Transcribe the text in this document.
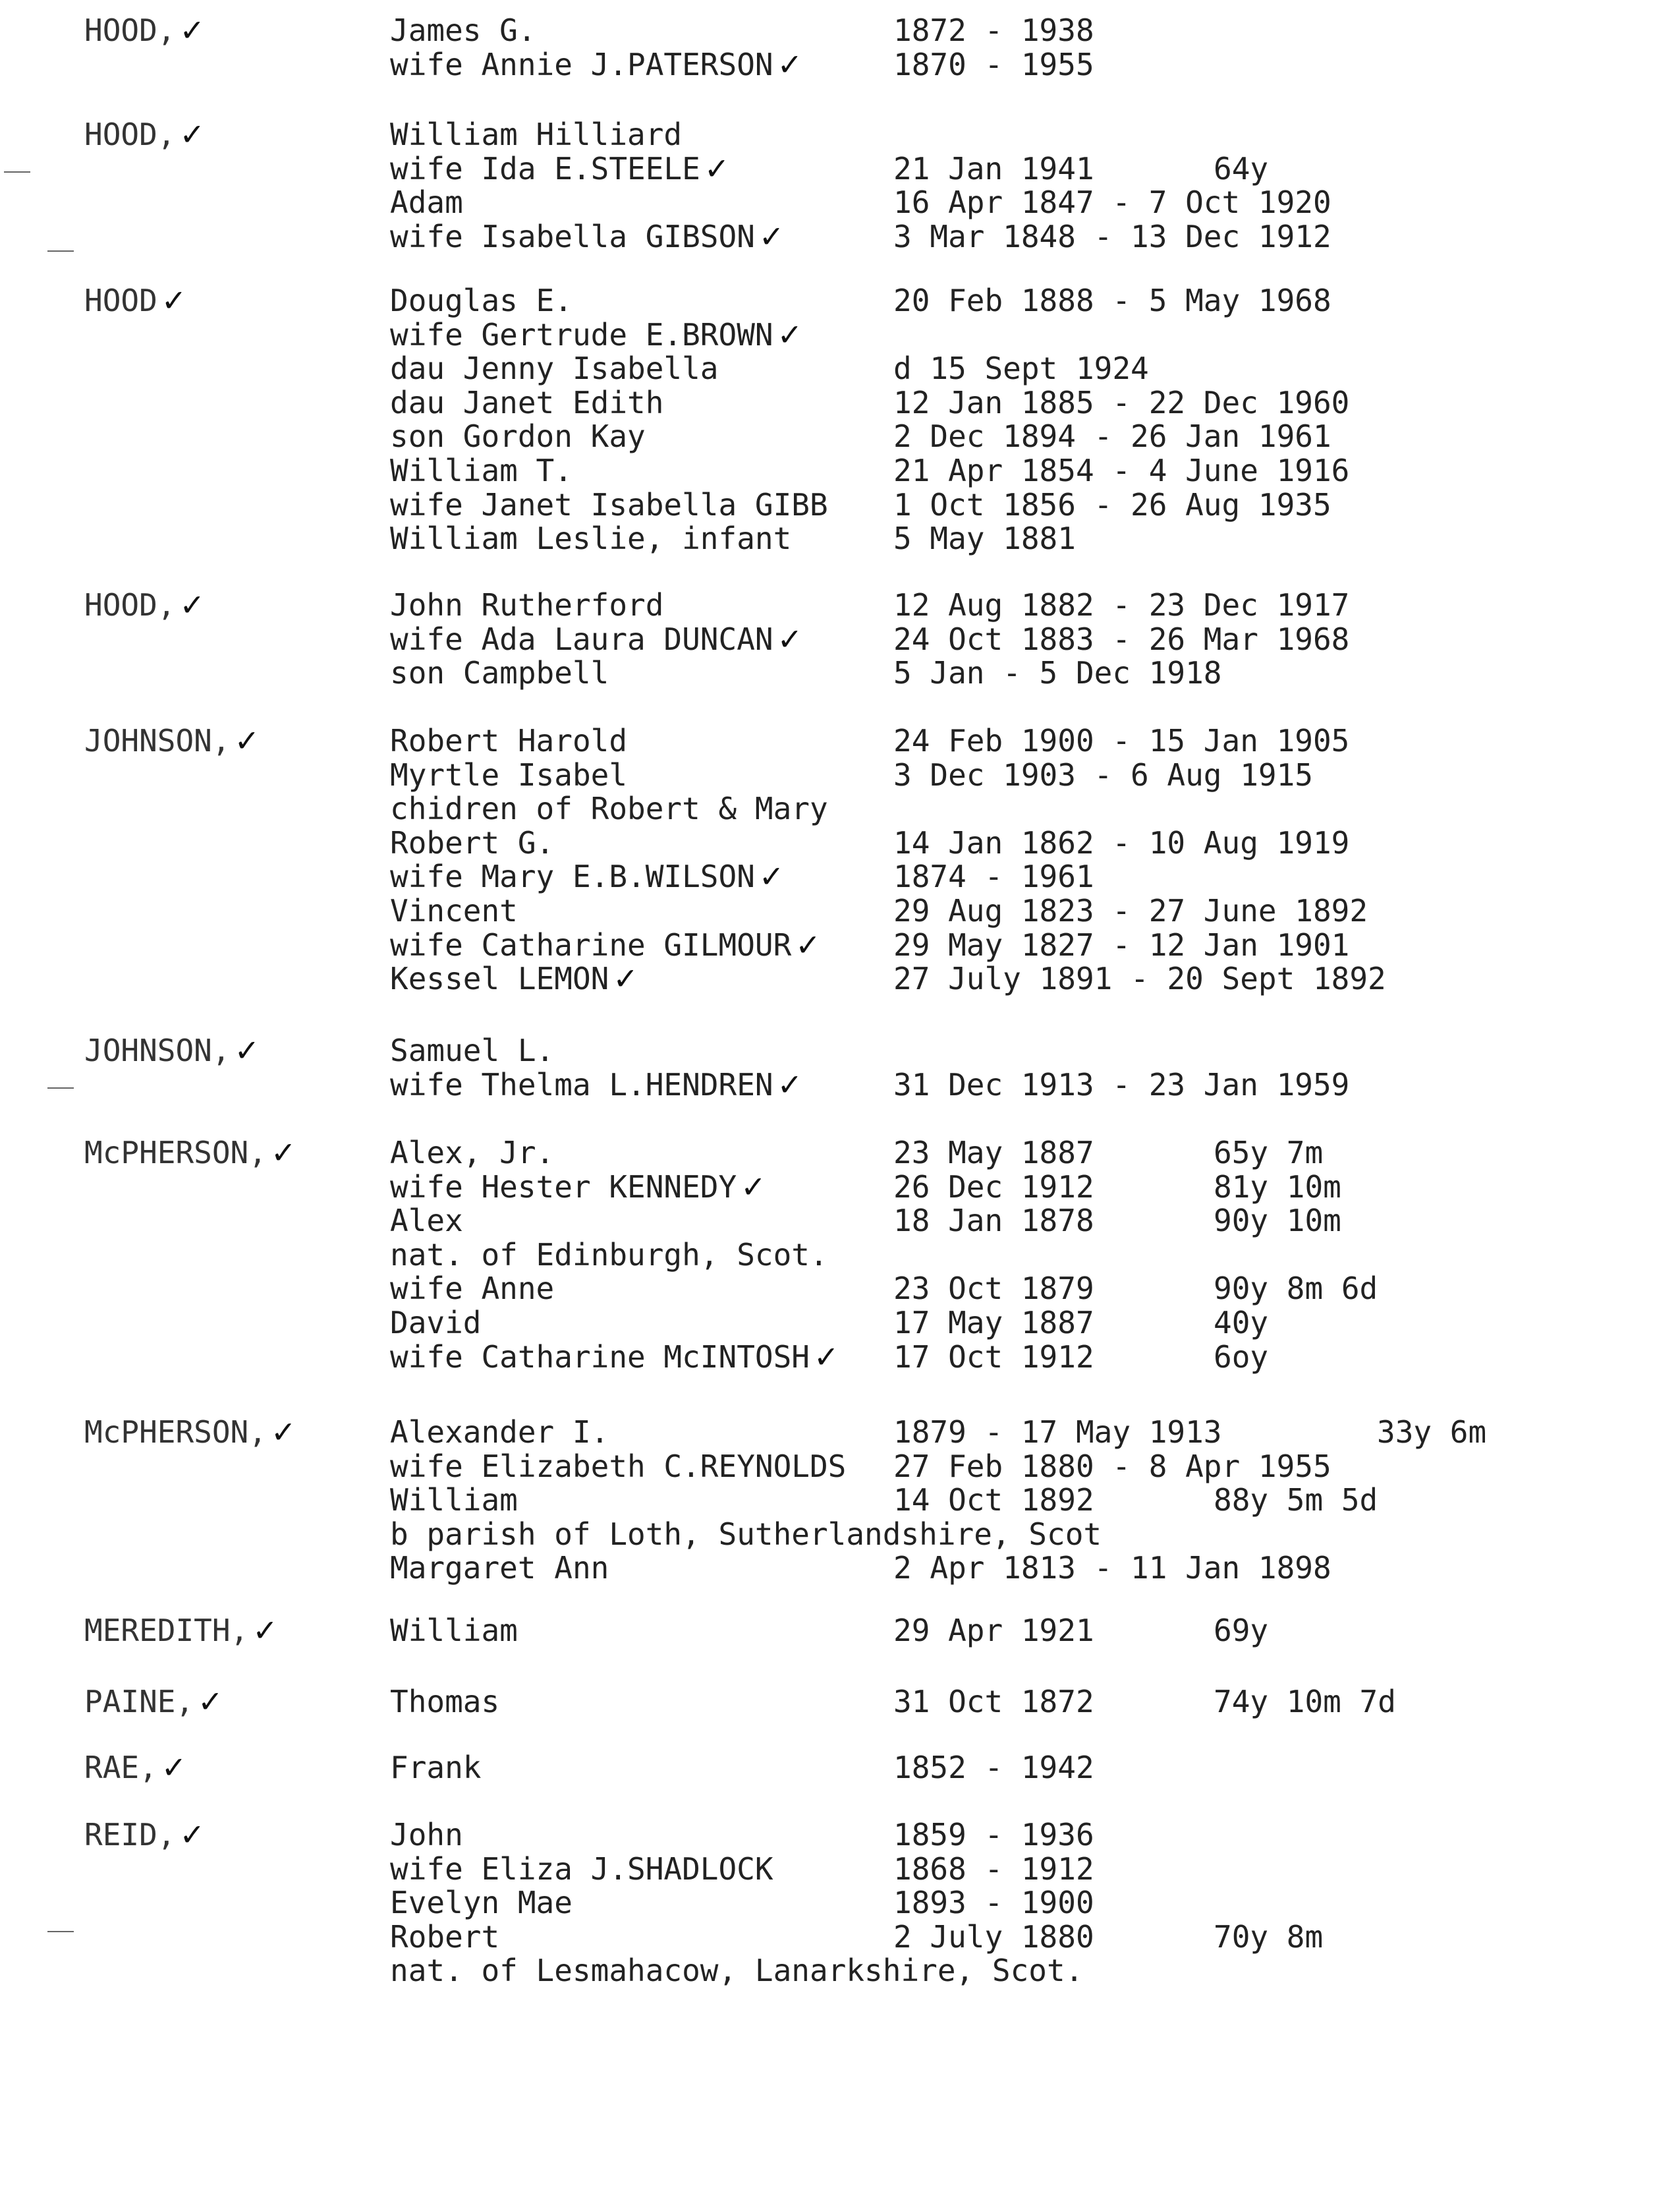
HOOD, ✓	James G.	1872 - 1938
wife Annie J.PATERSON ✓	1870 - 1955
HOOD, ✓	William Hilliard
wife Ida E.STEELE ✓	21 Jan 1941	64y
Adam	16 Apr 1847 - 7 Oct 1920
wife Isabella GIBSON ✓	3 Mar 1848 - 13 Dec 1912
HOOD ✓	Douglas E.	20 Feb 1888 - 5 May 1968
wife Gertrude E.BROWN ✓
dau Jenny Isabella	d 15 Sept 1924
dau Janet Edith	12 Jan 1885 - 22 Dec 1960
son Gordon Kay	2 Dec 1894 - 26 Jan 1961
William T.	21 Apr 1854 - 4 June 1916
wife Janet Isabella GIBB 1 Oct 1856 - 26 Aug 1935
William Leslie, infant	5 May 1881
HOOD, ✓	John Rutherford	12 Aug 1882 - 23 Dec 1917
wife Ada Laura DUNCAN ✓	24 Oct 1883 - 26 Mar 1968
son Campbell	5 Jan - 5 Dec 1918
JOHNSON, ✓	Robert Harold	24 Feb 1900 - 15 Jan 1905
Myrtle Isabel	3 Dec 1903 - 6 Aug 1915
chidren of Robert & Mary
Robert G.	14 Jan 1862 - 10 Aug 1919
wife Mary E.B.WILSON ✓	1874 - 1961
Vincent	29 Aug 1823 - 27 June 1892
wife Catharine GILMOUR ✓ 29 May 1827 - 12 Jan 1901
Kessel LEMON ✓	27 July 1891 - 20 Sept 1892
JOHNSON, ✓	Samuel L.
wife Thelma L.HENDREN ✓	31 Dec 1913 - 23 Jan 1959
McPHERSON, ✓	Alex, Jr.	23 May 1887	65y 7m
wife Hester KENNEDY ✓	26 Dec 1912	81y 10m
Alex	18 Jan 1878	90y 10m
nat. of Edinburgh, Scot.
wife Anne	23 Oct 1879	90y 8m 6d
David	17 May 1887	40y
wife Catharine McINTOSH ✓ 17 Oct 1912	6oy
McPHERSON, ✓	Alexander I.	1879 - 17 May 1913	33y 6m
wife Elizabeth C.REYNOLDS 27 Feb 1880 - 8 Apr 1955
William	14 Oct 1892	88y 5m 5d
b parish of Loth, Sutherlandshire, Scot
Margaret Ann	2 Apr 1813 - 11 Jan 1898
MEREDITH, ✓	William	29 Apr 1921	69y
PAINE, ✓	Thomas	31 Oct 1872	74y 10m 7d
RAE, ✓	Frank	1852 - 1942
REID, ✓	John	1859 - 1936
wife Eliza J.SHADLOCK	1868 - 1912
Evelyn Mae	1893 - 1900
Robert	2 July 1880	70y 8m
nat. of Lesmahacow, Lanarkshire, Scot.
